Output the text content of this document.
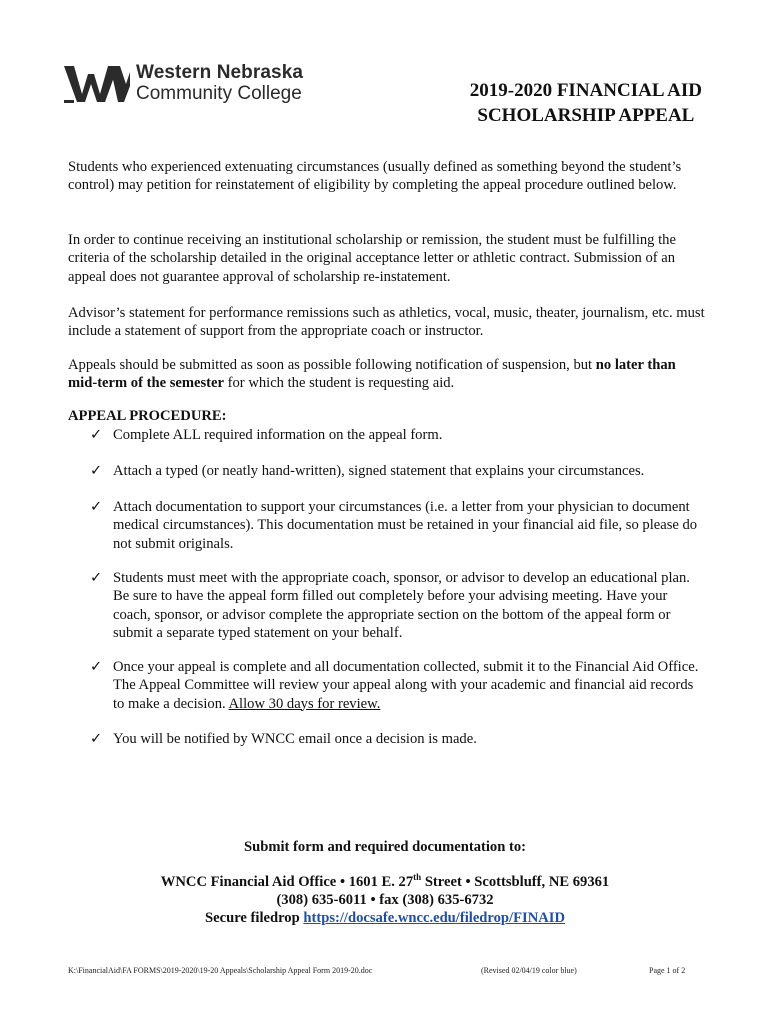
Western Nebraska
Community College	2019-2020 FINANCIAL AID
SCHOLARSHIP APPEAL

Students who experienced extenuating circumstances (usually defined as something beyond the student’s control) may petition for reinstatement of eligibility by completing the appeal procedure outlined below.

In order to continue receiving an institutional scholarship or remission, the student must be fulfilling the criteria of the scholarship detailed in the original acceptance letter or athletic contract. Submission of an appeal does not guarantee approval of scholarship re-instatement.

Advisor’s statement for performance remissions such as athletics, vocal, music, theater, journalism, etc. must include a statement of support from the appropriate coach or instructor.

Appeals should be submitted as soon as possible following notification of suspension, but no later than mid-term of the semester for which the student is requesting aid.

APPEAL PROCEDURE:
✓ Complete ALL required information on the appeal form.
✓ Attach a typed (or neatly hand-written), signed statement that explains your circumstances.
✓ Attach documentation to support your circumstances (i.e. a letter from your physician to document medical circumstances). This documentation must be retained in your financial aid file, so please do not submit originals.
✓ Students must meet with the appropriate coach, sponsor, or advisor to develop an educational plan. Be sure to have the appeal form filled out completely before your advising meeting. Have your coach, sponsor, or advisor complete the appropriate section on the bottom of the appeal form or submit a separate typed statement on your behalf.
✓ Once your appeal is complete and all documentation collected, submit it to the Financial Aid Office. The Appeal Committee will review your appeal along with your academic and financial aid records to make a decision. Allow 30 days for review.
✓ You will be notified by WNCC email once a decision is made.
Submit form and required documentation to:
WNCC Financial Aid Office • 1601 E. 27th Street • Scottsbluff, NE 69361
(308) 635-6011 • fax (308) 635-6732
Secure filedrop https://docsafe.wncc.edu/filedrop/FINAID
K:\FinancialAid\FA FORMS\2019-2020\19-20 Appeals\Scholarship Appeal Form 2019-20.doc	(Revised 02/04/19 color blue)	Page 1 of 2
